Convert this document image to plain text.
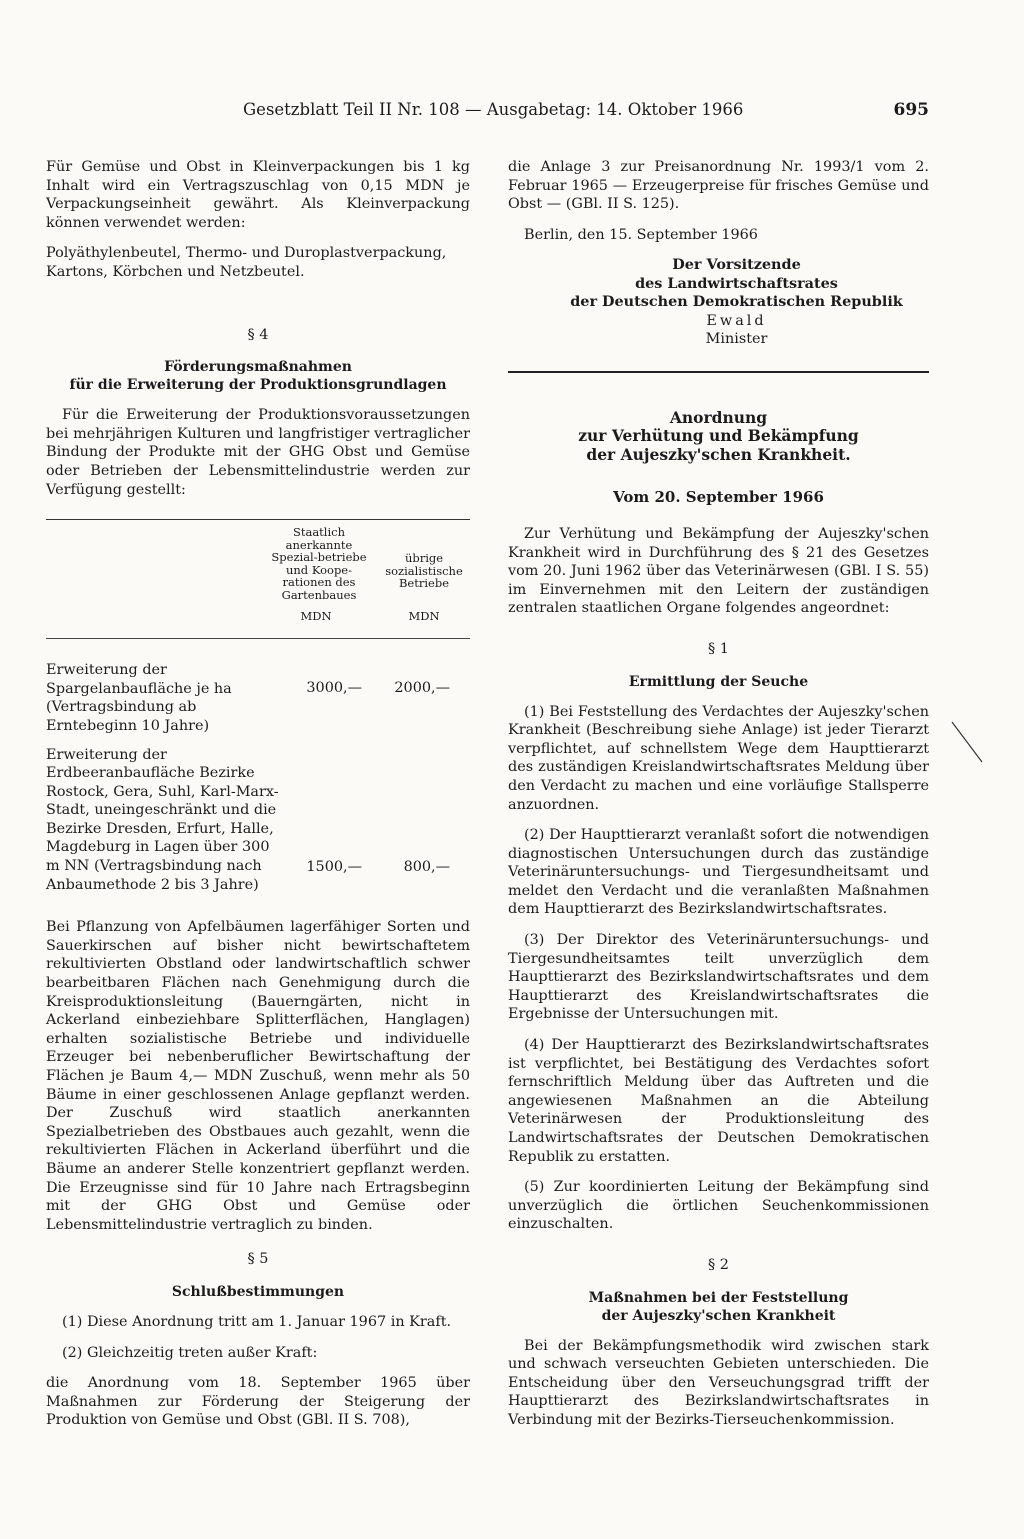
Gesetzblatt Teil II Nr. 108 — Ausgabetag: 14. Oktober 1966	695

Für Gemüse und Obst in Kleinverpackungen bis 1 kg Inhalt wird ein Vertragszuschlag von 0,15 MDN je Verpackungseinheit gewährt. Als Kleinverpackung können verwendet werden:

Polyäthylenbeutel, Thermo- und Duroplastverpackung, Kartons, Körbchen und Netzbeutel.

§ 4
Förderungsmaßnahmen
für die Erweiterung der Produktionsgrundlagen

Für die Erweiterung der Produktionsvoraussetzungen bei mehrjährigen Kulturen und langfristiger vertraglicher Bindung der Produkte mit der GHG Obst und Gemüse oder Betrieben der Lebensmittelindustrie werden zur Verfügung gestellt:

Staatlich anerkannte Spezial-betriebe und Koope-rationen des Gartenbaues
übrige sozialistische Betriebe
MDN	MDN
Erweiterung der Spargelanbaufläche je ha (Vertragsbindung ab Erntebeginn 10 Jahre)
3000,— 2000,—
Erweiterung der Erdbeeranbaufläche Bezirke Rostock, Gera, Suhl, Karl-Marx-Stadt, uneingeschränkt und die Bezirke Dresden, Erfurt, Halle, Magdeburg in Lagen über 300 m NN (Vertragsbindung nach Anbaumethode 2 bis 3 Jahre)
1500,—	800,—

Bei Pflanzung von Apfelbäumen lagerfähiger Sorten und Sauerkirschen auf bisher nicht bewirtschaftetem rekultivierten Obstland oder landwirtschaftlich schwer bearbeitbaren Flächen nach Genehmigung durch die Kreisproduktionsleitung (Bauerngärten, nicht in Ackerland einbeziehbare Splitterflächen, Hanglagen) erhalten sozialistische Betriebe und individuelle Erzeuger bei nebenberuflicher Bewirtschaftung der Flächen je Baum 4,— MDN Zuschuß, wenn mehr als 50 Bäume in einer geschlossenen Anlage gepflanzt werden. Der Zuschuß wird staatlich anerkannten Spezialbetrieben des Obstbaues auch gezahlt, wenn die rekultivierten Flächen in Ackerland überführt und die Bäume an anderer Stelle konzentriert gepflanzt werden. Die Erzeugnisse sind für 10 Jahre nach Ertragsbeginn mit der GHG Obst und Gemüse oder Lebensmittelindustrie vertraglich zu binden.

§ 5
Schlußbestimmungen

(1) Diese Anordnung tritt am 1. Januar 1967 in Kraft.

(2) Gleichzeitig treten außer Kraft:

die Anordnung vom 18. September 1965 über Maßnahmen zur Förderung der Steigerung der Produktion von Gemüse und Obst (GBl. II S. 708),

die Anlage 3 zur Preisanordnung Nr. 1993/1 vom 2. Februar 1965 — Erzeugerpreise für frisches Gemüse und Obst — (GBl. II S. 125).

Berlin, den 15. September 1966

Der Vorsitzende
des Landwirtschaftsrates
der Deutschen Demokratischen Republik
Ewald
Minister
Anordnung
zur Verhütung und Bekämpfung
der Aujeszky'schen Krankheit.
Vom 20. September 1966

Zur Verhütung und Bekämpfung der Aujeszky'schen Krankheit wird in Durchführung des § 21 des Gesetzes vom 20. Juni 1962 über das Veterinärwesen (GBl. I S. 55) im Einvernehmen mit den Leitern der zuständigen zentralen staatlichen Organe folgendes angeordnet:

§ 1
Ermittlung der Seuche

(1) Bei Feststellung des Verdachtes der Aujeszky'schen Krankheit (Beschreibung siehe Anlage) ist jeder Tierarzt verpflichtet, auf schnellstem Wege dem Haupttierarzt des zuständigen Kreislandwirtschaftsrates Meldung über den Verdacht zu machen und eine vorläufige Stallsperre anzuordnen.

(2) Der Haupttierarzt veranlaßt sofort die notwendigen diagnostischen Untersuchungen durch das zuständige Veterinäruntersuchungs- und Tiergesundheitsamt und meldet den Verdacht und die veranlaßten Maßnahmen dem Haupttierarzt des Bezirkslandwirtschaftsrates.

(3) Der Direktor des Veterinäruntersuchungs- und Tiergesundheitsamtes teilt unverzüglich dem Haupttierarzt des Bezirkslandwirtschaftsrates und dem Haupttierarzt des Kreislandwirtschaftsrates die Ergebnisse der Untersuchungen mit.

(4) Der Haupttierarzt des Bezirkslandwirtschaftsrates ist verpflichtet, bei Bestätigung des Verdachtes sofort fernschriftlich Meldung über das Auftreten und die angewiesenen Maßnahmen an die Abteilung Veterinärwesen der Produktionsleitung des Landwirtschaftsrates der Deutschen Demokratischen Republik zu erstatten.

(5) Zur koordinierten Leitung der Bekämpfung sind unverzüglich die örtlichen Seuchenkommissionen einzuschalten.

§ 2
Maßnahmen bei der Feststellung
der Aujeszky'schen Krankheit

Bei der Bekämpfungsmethodik wird zwischen stark und schwach verseuchten Gebieten unterschieden. Die Entscheidung über den Verseuchungsgrad trifft der Haupttierarzt des Bezirkslandwirtschaftsrates in Verbindung mit der Bezirks-Tierseuchenkommission.
